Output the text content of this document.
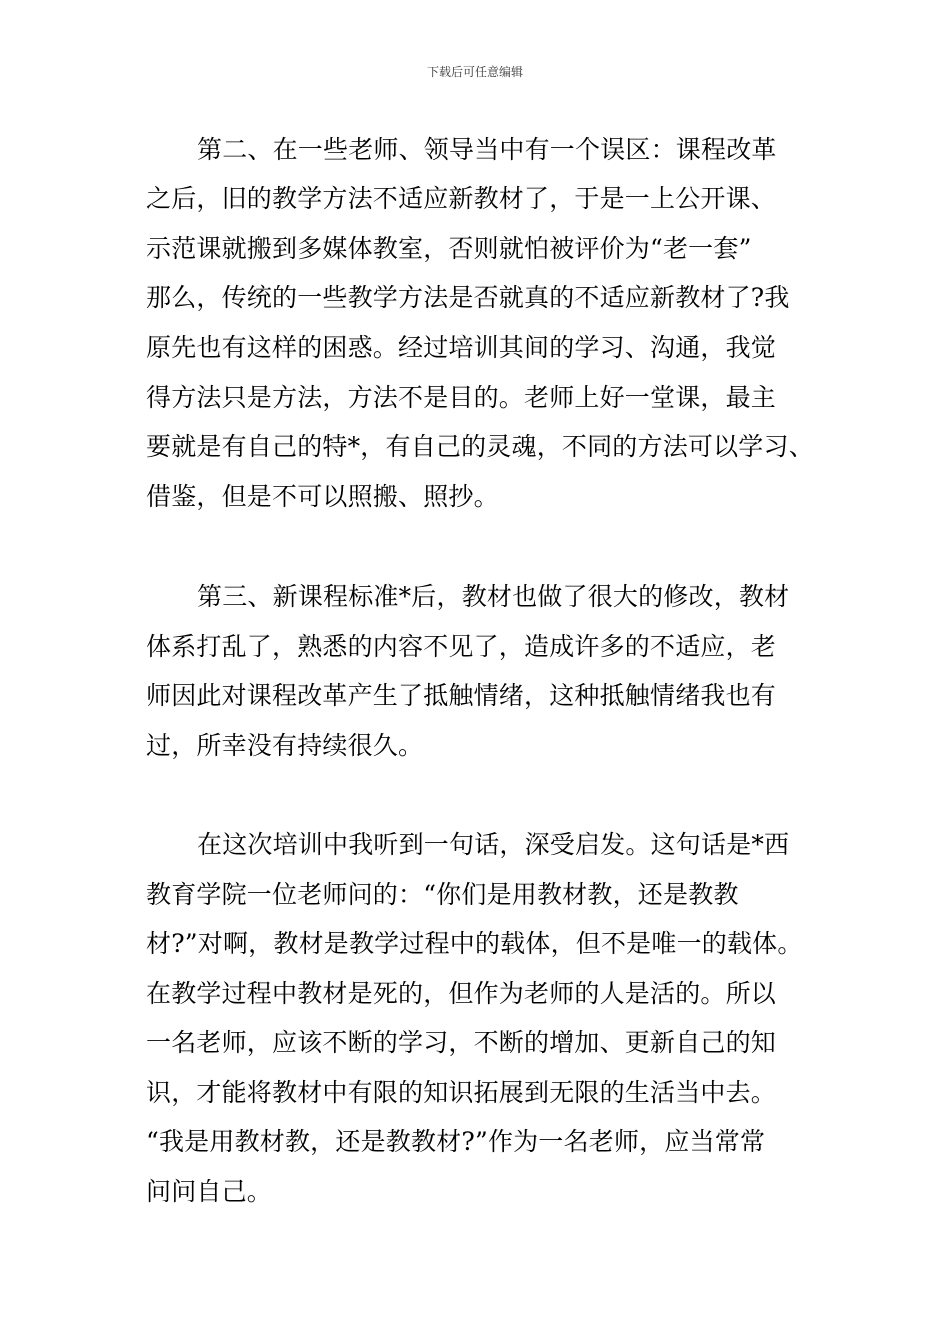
下载后可任意编辑
第二、在一些老师、领导当中有一个误区：课程改革
之后，旧的教学方法不适应新教材了，于是一上公开课、
示范课就搬到多媒体教室，否则就怕被评价为“老一套”
那么，传统的一些教学方法是否就真的不适应新教材了?我
原先也有这样的困惑。经过培训其间的学习、沟通，我觉
得方法只是方法，方法不是目的。老师上好一堂课，最主
要就是有自己的特*，有自己的灵魂，不同的方法可以学习、
借鉴，但是不可以照搬、照抄。
第三、新课程标准*后，教材也做了很大的修改，教材
体系打乱了，熟悉的内容不见了，造成许多的不适应，老
师因此对课程改革产生了抵触情绪，这种抵触情绪我也有
过，所幸没有持续很久。
在这次培训中我听到一句话，深受启发。这句话是*西
教育学院一位老师问的：“你们是用教材教，还是教教
材?”对啊，教材是教学过程中的载体，但不是唯一的载体。
在教学过程中教材是死的，但作为老师的人是活的。所以
一名老师，应该不断的学习，不断的增加、更新自己的知
识，才能将教材中有限的知识拓展到无限的生活当中去。
“我是用教材教，还是教教材?”作为一名老师，应当常常
问问自己。
